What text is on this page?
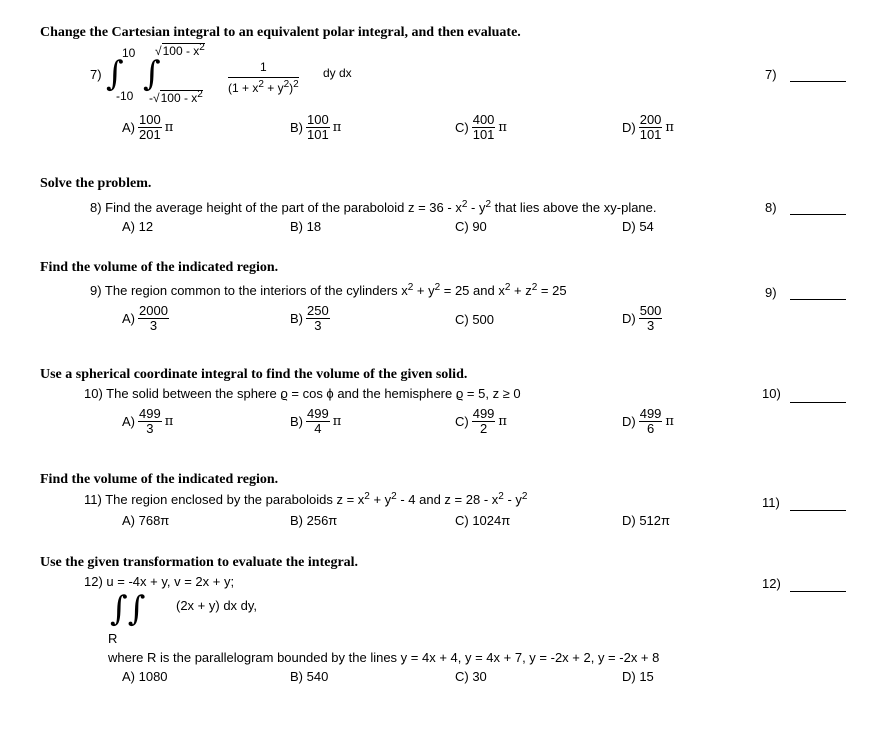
Change the Cartesian integral to an equivalent polar integral, and then evaluate.
7) ∫
10
-10
∫
$√100 - x^2$
$-√100 - x^2 \frac{1}{(1 + x^2 + y^2)^2}$ dy dx	7)
$A) \frac{100}{201}$ π	$B) \frac{100}{101}$ π	$C) \frac{400}{101}$ π	$D) \frac{200}{101}$ π
Solve the problem.
8) Find the average height of the part of the paraboloid $z = 36 - x^2 - y^2$ that lies above the xy-plane.	8)
A) 12	B) 18	C) 90	D) 54
Find the volume of the indicated region.
9) The region common to the interiors of the cylinders $x^2 + y^2 = 25$ and $x^2 + z^2 = 25$	9)
$A) \frac{2000}{3}$	$B) \frac{250}{3}$	C) 500	$D) \frac{500}{3}$
Use a spherical coordinate integral to find the volume of the given solid.
10) The solid between the sphere ϱ = cos ϕ and the hemisphere ϱ = 5, z ≥ 0	10)
$A) \frac{499}{3}$ π	$B) \frac{499}{4}$ π	$C) \frac{499}{2}$ π	$D) \frac{499}{6}$ π
Find the volume of the indicated region.
11) The region enclosed by the paraboloids $z = x^2 + y^2 - 4$ and $z = 28 - x^2 - y^2$	11)
A) 768π	B) 256π	C) 1024π	D) 512π
Use the given transformation to evaluate the integral.
12) u = -4x + y, v = 2x + y;
∫∫ (2x + y) dx dy,
R
where R is the parallelogram bounded by the lines y = 4x + 4, y = 4x + 7, y = -2x + 2, y = -2x + 8
12)
A) 1080	B) 540	C) 30	D) 15
